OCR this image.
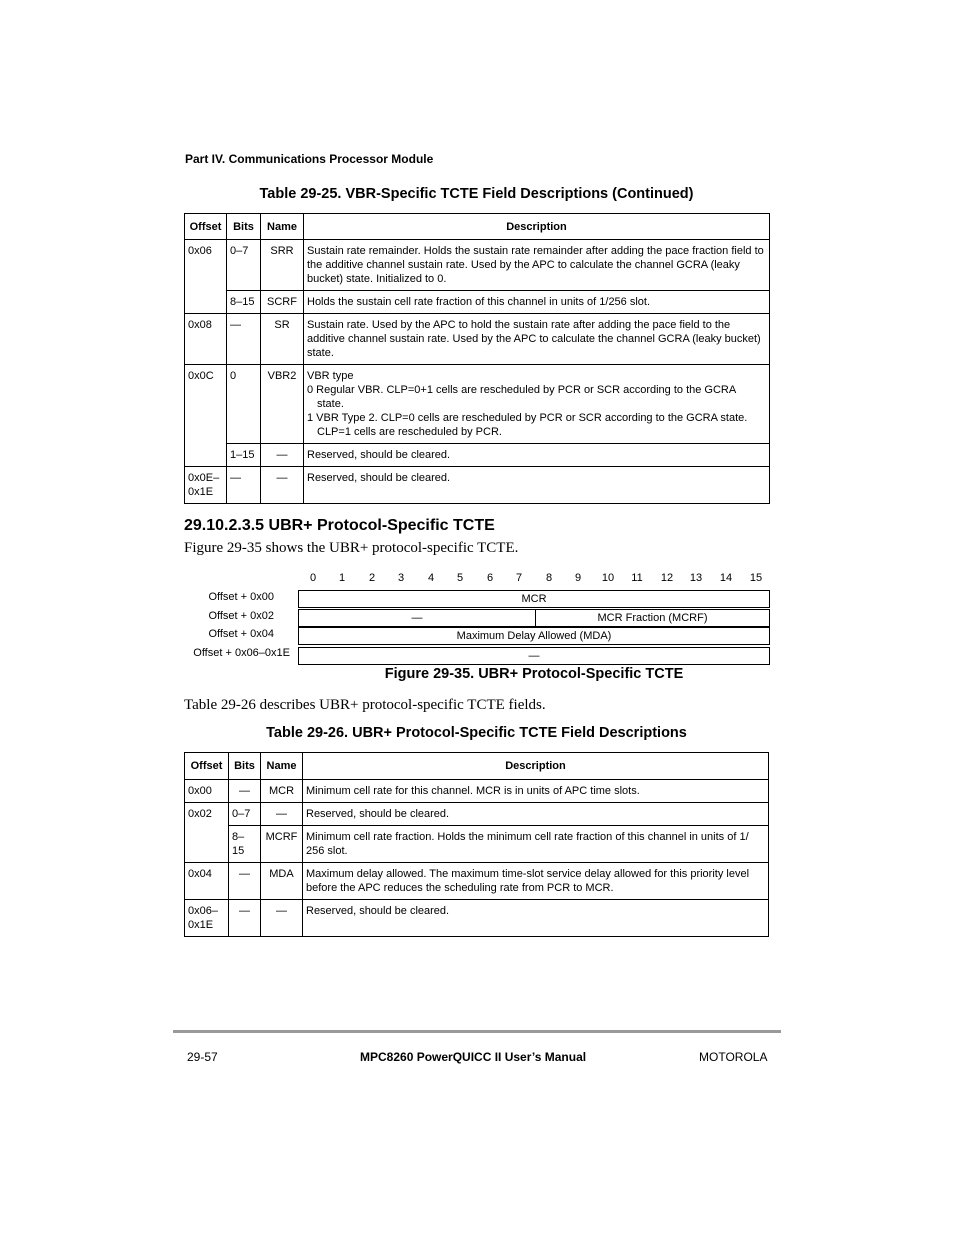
Part IV. Communications Processor Module
Table 29-25. VBR-Specific TCTE Field Descriptions (Continued)
Offset	Bits	Name	Description
0x06	0–7	SRR	Sustain rate remainder. Holds the sustain rate remainder after adding the pace fraction field to the additive channel sustain rate. Used by the APC to calculate the channel GCRA (leaky bucket) state. Initialized to 0.
	8–15	SCRF	Holds the sustain cell rate fraction of this channel in units of 1/256 slot.
0x08	—	SR	Sustain rate. Used by the APC to hold the sustain rate after adding the pace field to the additive channel sustain rate. Used by the APC to calculate the channel GCRA (leaky bucket) state.
0x0C	0	VBR2	VBR type
0 Regular VBR. CLP=0+1 cells are rescheduled by PCR or SCR according to the GCRA
state.
1 VBR Type 2. CLP=0 cells are rescheduled by PCR or SCR according to the GCRA state.
CLP=1 cells are rescheduled by PCR.

	1–15	—	Reserved, should be cleared.
0x0E–
0x1E	—	—	Reserved, should be cleared.
29.10.2.3.5 UBR+ Protocol-Specific TCTE
Figure 29-35 shows the UBR+ protocol-specific TCTE.
0	1	2	3	4	5	6	7	8	9	10	11	12	13	14	15
Offset + 0x00
Offset + 0x02
Offset + 0x04
Offset + 0x06–0x1E
MCR
—	MCR Fraction (MCRF)
Maximum Delay Allowed (MDA)
—
Figure 29-35. UBR+ Protocol-Specific TCTE
Table 29-26 describes UBR+ protocol-specific TCTE fields.
Table 29-26. UBR+ Protocol-Specific TCTE Field Descriptions
Offset	Bits	Name	Description
0x00	—	MCR	Minimum cell rate for this channel. MCR is in units of APC time slots.
0x02	0–7	—	Reserved, should be cleared.
	8–
15	MCRF	Minimum cell rate fraction. Holds the minimum cell rate fraction of this channel in units of 1/
256 slot.
0x04	—	MDA	Maximum delay allowed. The maximum time-slot service delay allowed for this priority level before the APC reduces the scheduling rate from PCR to MCR.
0x06–
0x1E	—	—	Reserved, should be cleared.
29-57	MPC8260 PowerQUICC II User’s Manual	MOTOROLA
